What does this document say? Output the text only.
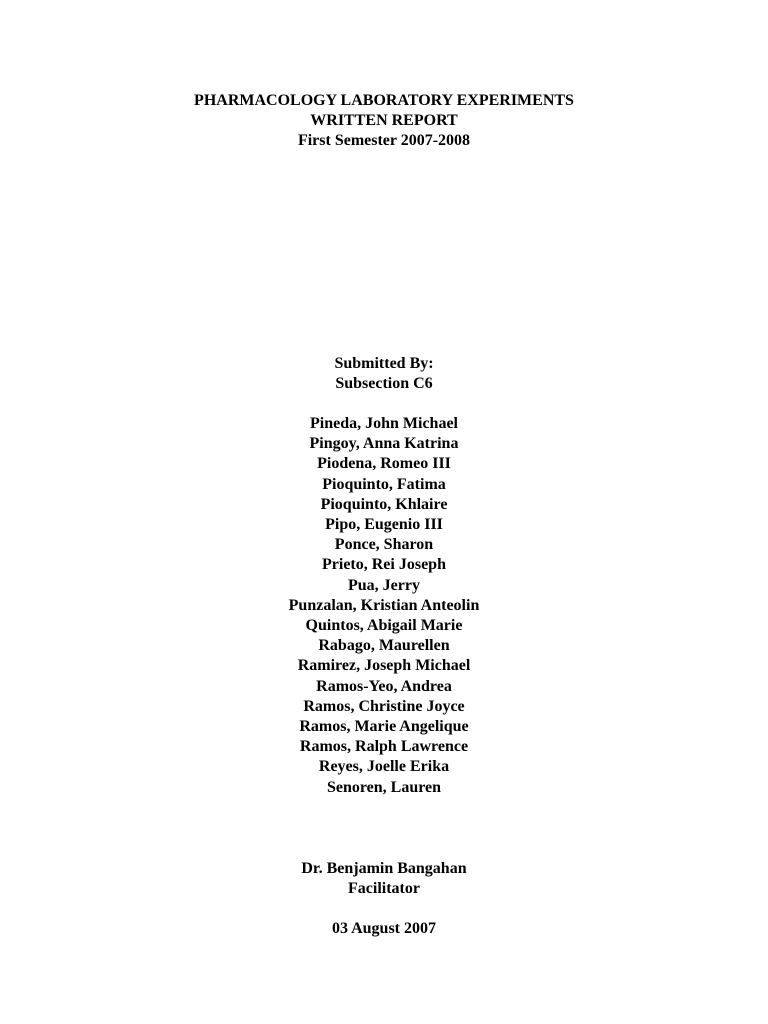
PHARMACOLOGY LABORATORY EXPERIMENTS
WRITTEN REPORT
First Semester 2007-2008
Submitted By:
Subsection C6
Pineda, John Michael
Pingoy, Anna Katrina
Piodena, Romeo III
Pioquinto, Fatima
Pioquinto, Khlaire
Pipo, Eugenio III
Ponce, Sharon
Prieto, Rei Joseph
Pua, Jerry
Punzalan, Kristian Anteolin
Quintos, Abigail Marie
Rabago, Maurellen
Ramirez, Joseph Michael
Ramos-Yeo, Andrea
Ramos, Christine Joyce
Ramos, Marie Angelique
Ramos, Ralph Lawrence
Reyes, Joelle Erika
Senoren, Lauren
Dr. Benjamin Bangahan
Facilitator
03 August 2007
